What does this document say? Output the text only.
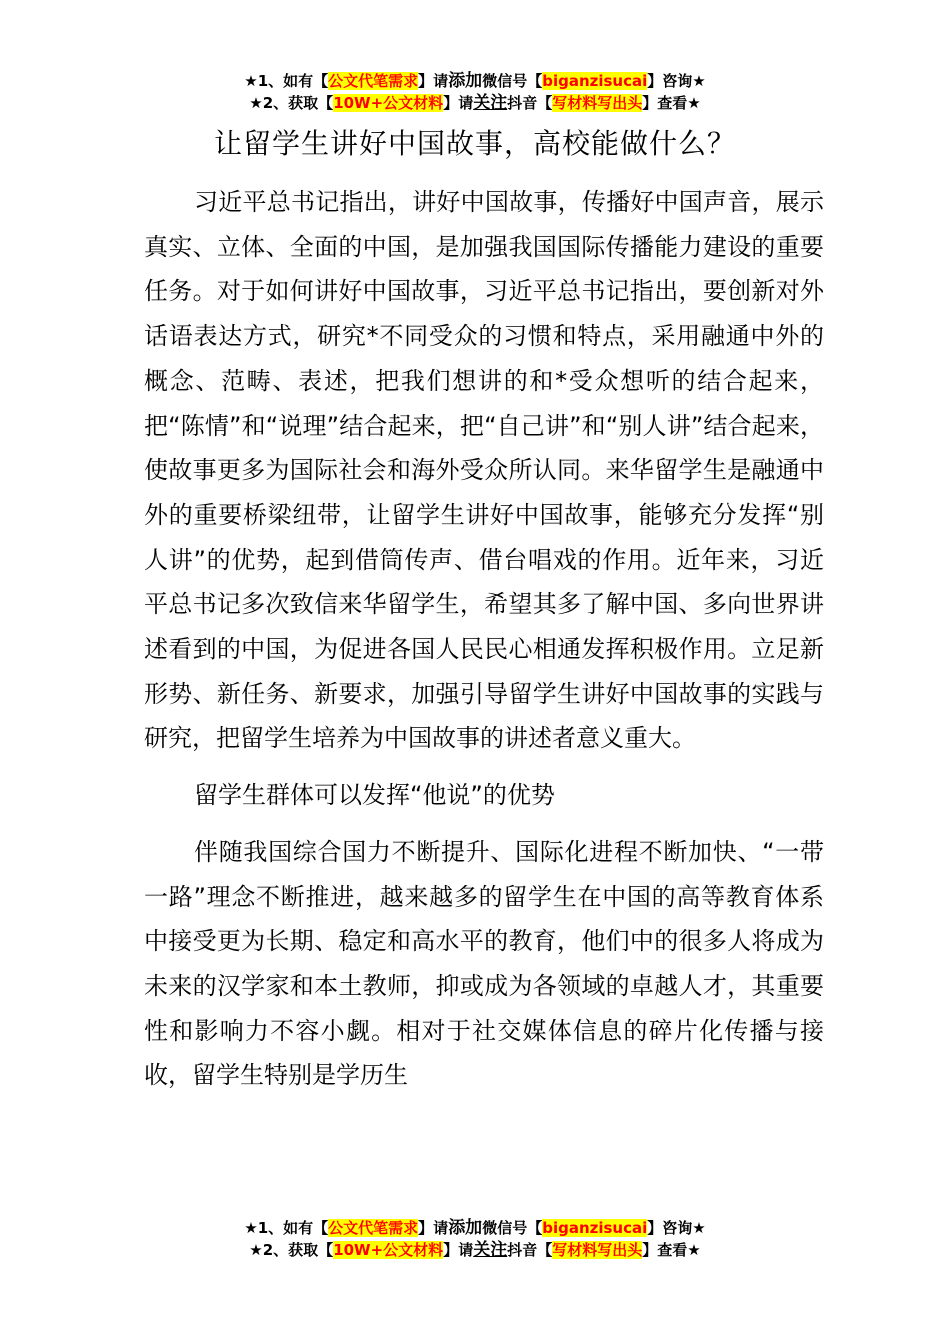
★1、如有【公文代笔需求】请添加微信号【biganzisucai】咨询★
★2、获取【10W+公文材料】请关注抖音【写材料写出头】查看★
让留学生讲好中国故事，高校能做什么？

习近平总书记指出，讲好中国故事，传播好中国声音，展示真实、立体、全面的中国，是加强我国国际传播能力建设的重要任务。对于如何讲好中国故事，习近平总书记指出，要创新对外话语表达方式，研究*不同受众的习惯和特点，采用融通中外的概念、范畴、表述，把我们想讲的和*受众想听的结合起来，把“陈情”和“说理”结合起来，把“自己讲”和“别人讲”结合起来，使故事更多为国际社会和海外受众所认同。来华留学生是融通中外的重要桥梁纽带，让留学生讲好中国故事，能够充分发挥“别人讲”的优势，起到借筒传声、借台唱戏的作用。近年来，习近平总书记多次致信来华留学生，希望其多了解中国、多向世界讲述看到的中国，为促进各国人民民心相通发挥积极作用。立足新形势、新任务、新要求，加强引导留学生讲好中国故事的实践与研究，把留学生培养为中国故事的讲述者意义重大。

留学生群体可以发挥“他说”的优势

伴随我国综合国力不断提升、国际化进程不断加快、“一带一路”理念不断推进，越来越多的留学生在中国的高等教育体系中接受更为长期、稳定和高水平的教育，他们中的很多人将成为未来的汉学家和本土教师，抑或成为各领域的卓越人才，其重要性和影响力不容小觑。相对于社交媒体信息的碎片化传播与接收，留学生特别是学历生

★1、如有【公文代笔需求】请添加微信号【biganzisucai】咨询★
★2、获取【10W+公文材料】请关注抖音【写材料写出头】查看★
